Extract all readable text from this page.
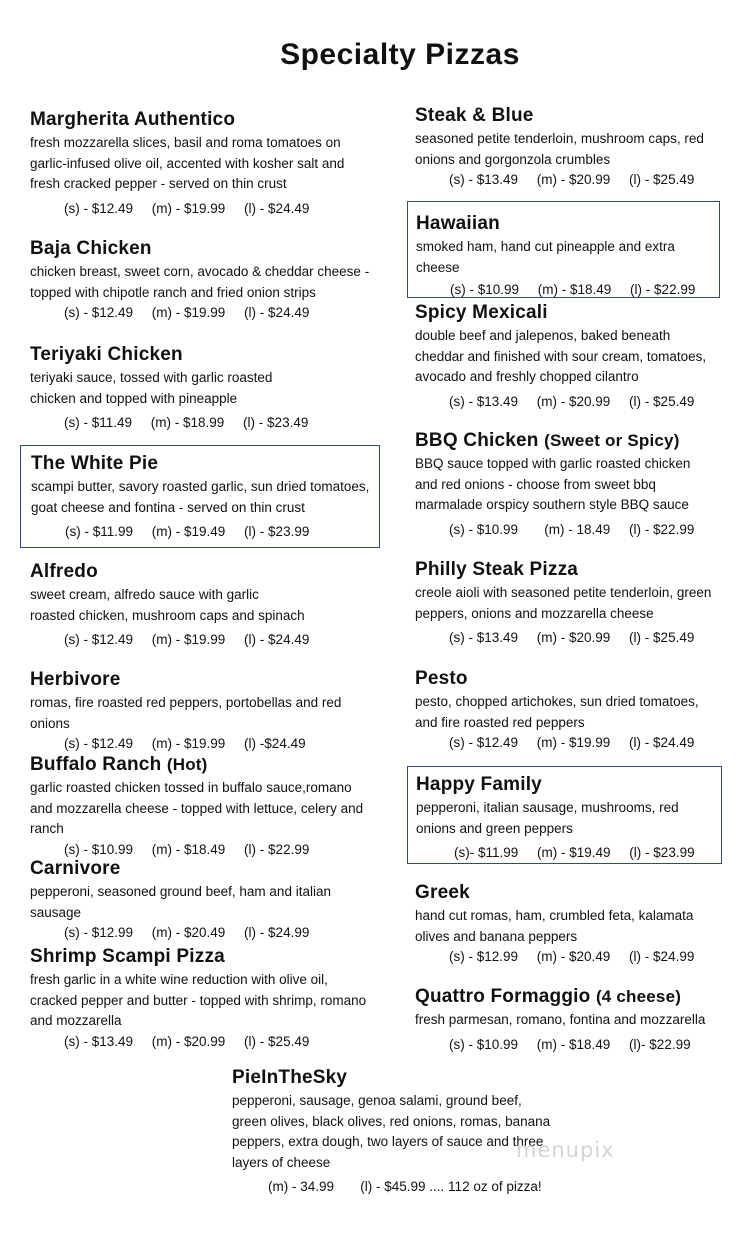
Specialty Pizzas
Margherita Authentico
fresh mozzarella slices, basil and roma tomatoes on garlic-infused olive oil, accented with kosher salt and fresh cracked pepper - served on thin crust
(s) - $12.49     (m) - $19.99     (l) - $24.49
Baja Chicken
chicken breast, sweet corn, avocado & cheddar cheese - topped with chipotle ranch and fried onion strips
(s) - $12.49     (m) - $19.99     (l) - $24.49
Teriyaki Chicken
teriyaki sauce, tossed with garlic roasted chicken and topped with pineapple
(s) - $11.49     (m) - $18.99     (l) - $23.49
The White Pie
scampi butter, savory roasted garlic, sun dried tomatoes, goat cheese and fontina - served on thin crust
(s) - $11.99     (m) - $19.49     (l) - $23.99
Alfredo
sweet cream, alfredo sauce with garlic roasted chicken, mushroom caps and spinach
(s) - $12.49     (m) - $19.99     (l) - $24.49
Herbivore
romas, fire roasted red peppers, portobellas and red onions
(s) - $12.49     (m) - $19.99     (l) -$24.49
Buffalo Ranch (Hot)
garlic roasted chicken tossed in buffalo sauce,romano and mozzarella cheese - topped with lettuce, celery and ranch
(s) - $10.99     (m) - $18.49     (l) - $22.99
Carnivore
pepperoni, seasoned ground beef, ham and italian sausage
(s) - $12.99     (m) - $20.49     (l) - $24.99
Shrimp Scampi Pizza
fresh garlic in a white wine reduction with olive oil, cracked pepper and butter - topped with shrimp, romano and mozzarella
(s) - $13.49     (m) - $20.99     (l) - $25.49
Steak & Blue
seasoned petite tenderloin, mushroom caps, red onions and gorgonzola crumbles
(s) - $13.49     (m) - $20.99     (l) - $25.49
Hawaiian
smoked ham, hand cut pineapple and extra cheese
(s) - $10.99     (m) - $18.49     (l) - $22.99
Spicy Mexicali
double beef and jalepenos, baked beneath cheddar and finished with sour cream, tomatoes, avocado and freshly chopped cilantro
(s) - $13.49     (m) - $20.99     (l) - $25.49
BBQ Chicken (Sweet or Spicy)
BBQ sauce topped with garlic roasted chicken and red onions - choose from sweet bbq marmalade orspicy southern style BBQ sauce
(s) - $10.99       (m) - 18.49     (l) - $22.99
Philly Steak Pizza
creole aioli with seasoned petite tenderloin, green peppers, onions and mozzarella cheese
(s) - $13.49     (m) - $20.99     (l) - $25.49
Pesto
pesto, chopped artichokes, sun dried tomatoes, and fire roasted red peppers
(s) - $12.49     (m) - $19.99     (l) - $24.49
Happy Family
pepperoni, italian sausage, mushrooms, red onions and green peppers
(s)- $11.99     (m) - $19.49     (l) - $23.99
Greek
hand cut romas, ham, crumbled feta, kalamata olives and banana peppers
(s) - $12.99     (m) - $20.49     (l) - $24.99
Quattro Formaggio (4 cheese)
fresh parmesan, romano, fontina and mozzarella
(s) - $10.99     (m) - $18.49     (l)- $22.99
PieInTheSky
pepperoni, sausage, genoa salami, ground beef, green olives, black olives, red onions, romas, banana peppers, extra dough, two layers of sauce and three layers of cheese
(m) - 34.99       (l) - $45.99 .... 112 oz of pizza!
menupix
